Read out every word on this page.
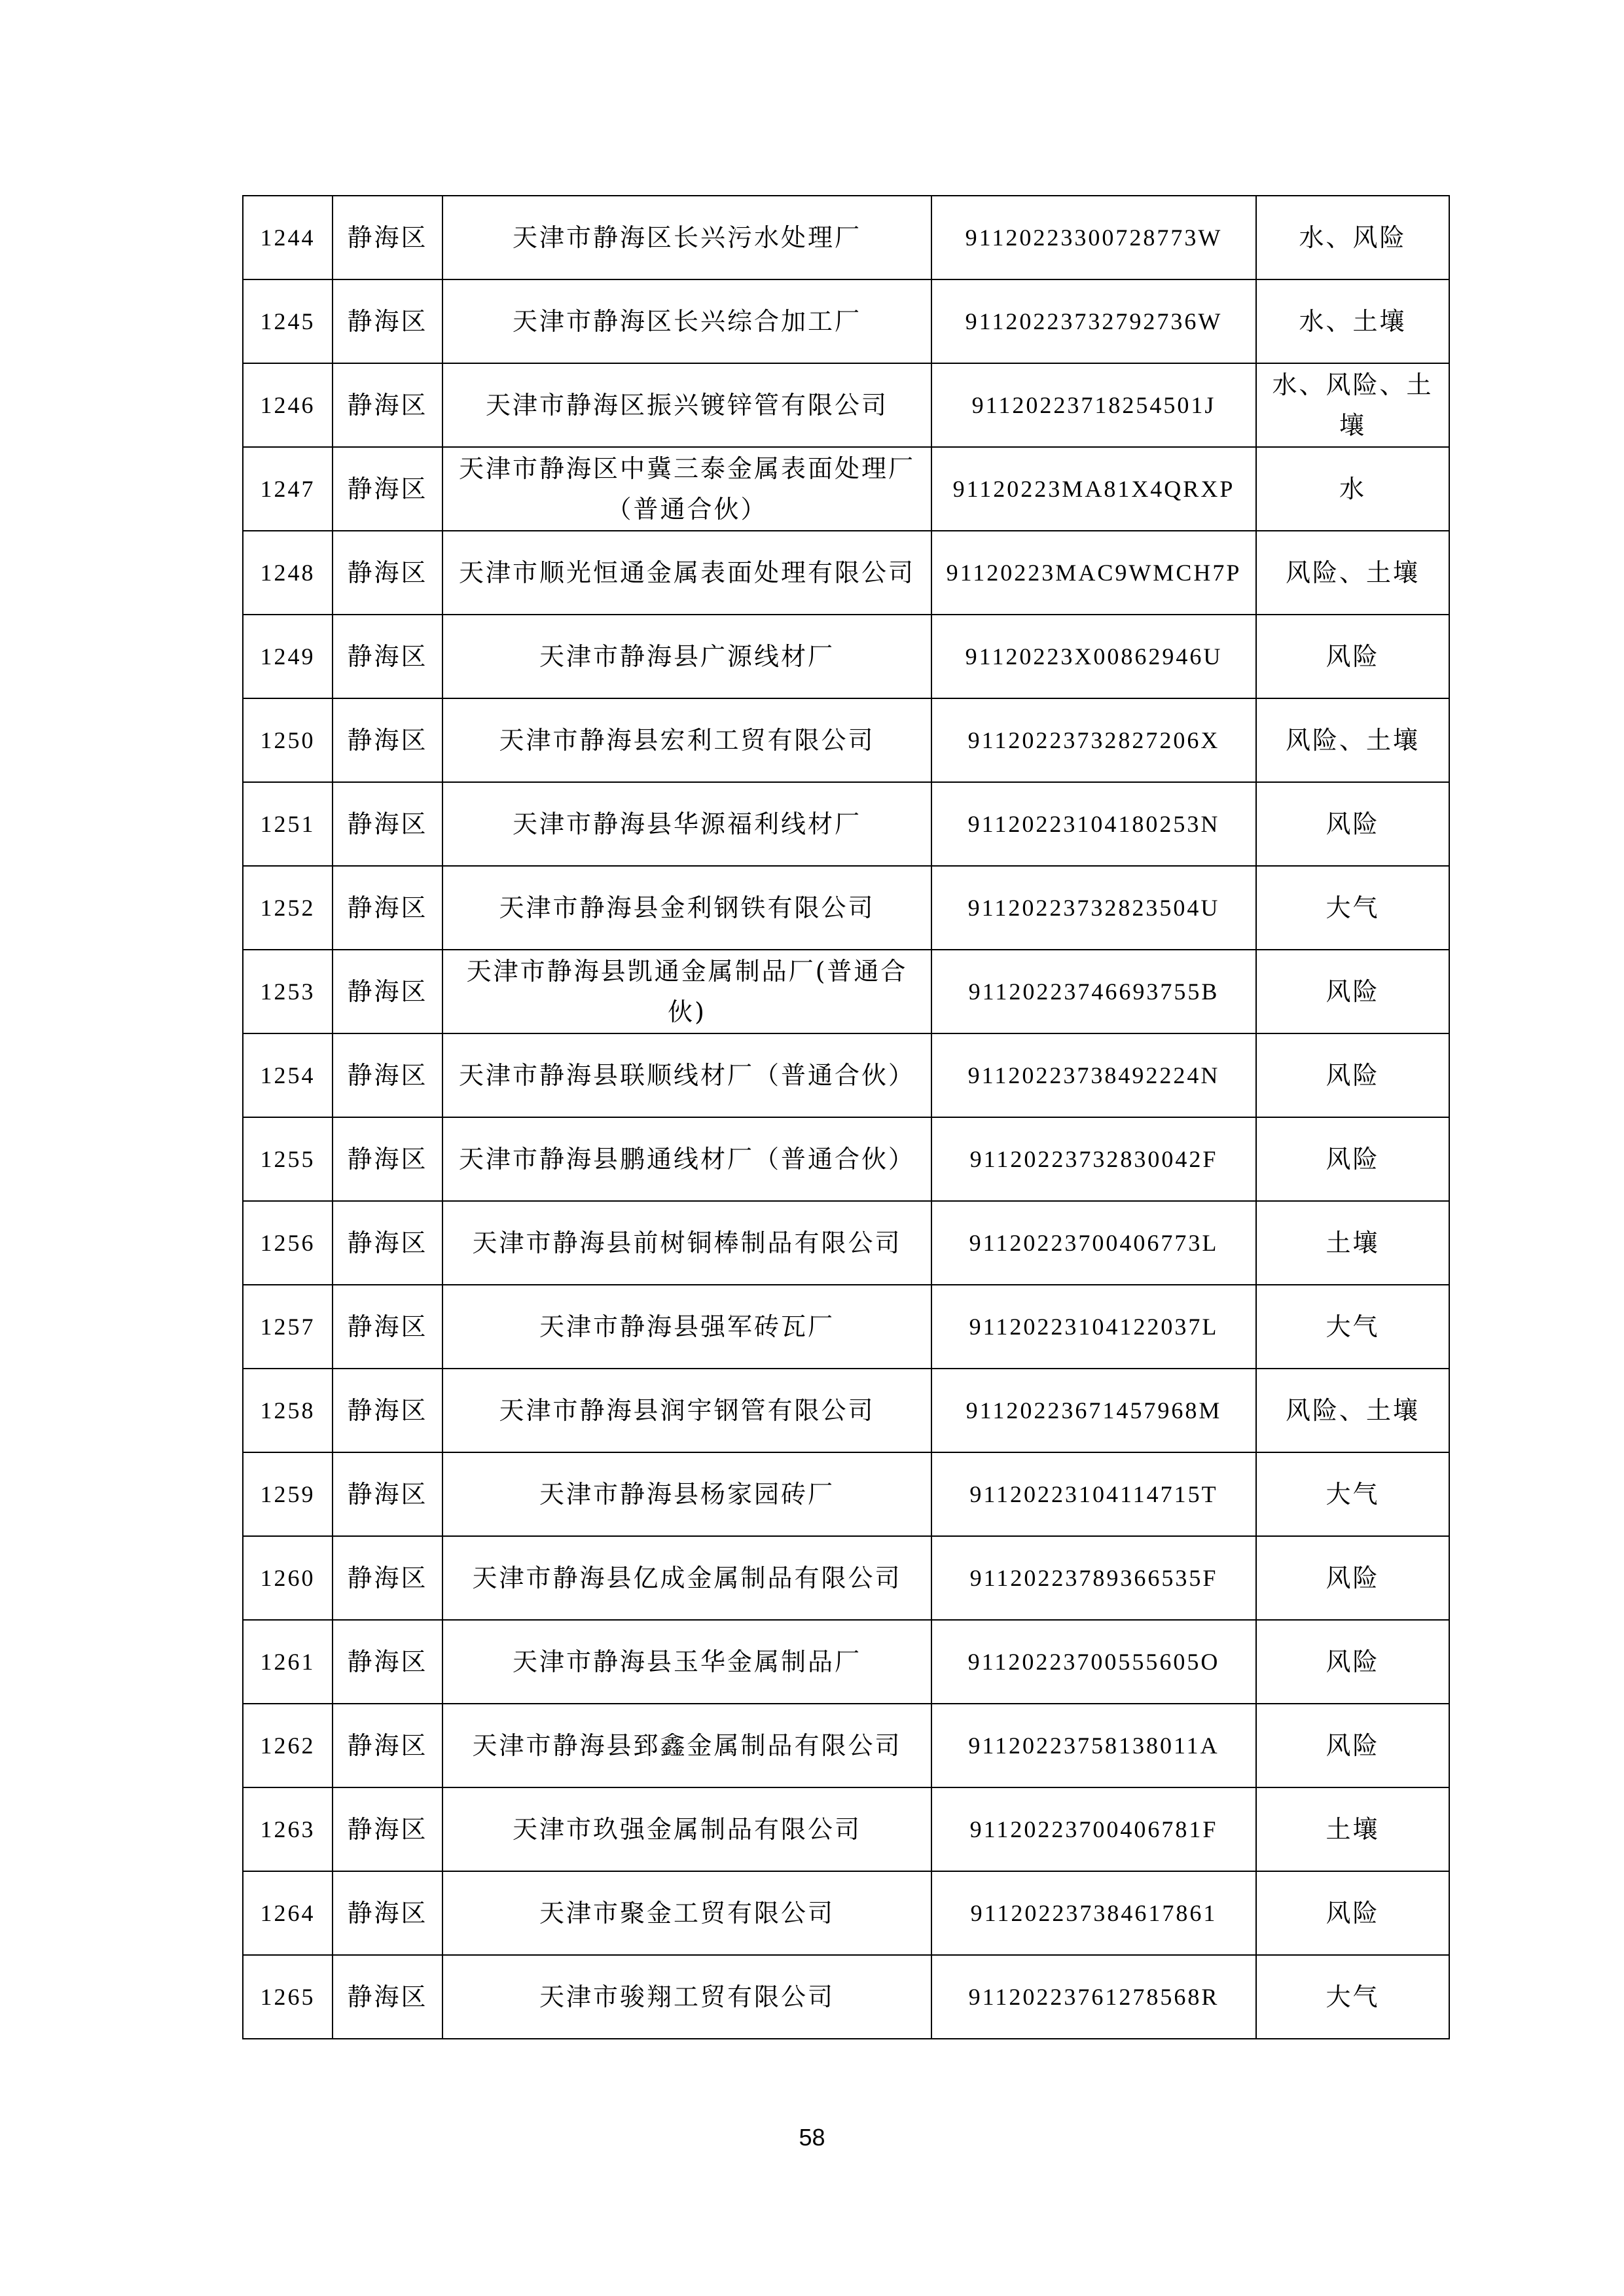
1244	静海区	天津市静海区长兴污水处理厂	91120223300728773W	水、风险
1245	静海区	天津市静海区长兴综合加工厂	91120223732792736W	水、土壤
1246	静海区	天津市静海区振兴镀锌管有限公司	91120223718254501J	水、风险、土壤
1247	静海区	天津市静海区中冀三泰金属表面处理厂（普通合伙）	91120223MA81X4QRXP	水
1248	静海区	天津市顺光恒通金属表面处理有限公司	91120223MAC9WMCH7P	风险、土壤
1249	静海区	天津市静海县广源线材厂	91120223X00862946U	风险
1250	静海区	天津市静海县宏利工贸有限公司	91120223732827206X	风险、土壤
1251	静海区	天津市静海县华源福利线材厂	91120223104180253N	风险
1252	静海区	天津市静海县金利钢铁有限公司	91120223732823504U	大气
1253	静海区	天津市静海县凯通金属制品厂(普通合伙)	91120223746693755B	风险
1254	静海区	天津市静海县联顺线材厂（普通合伙）	91120223738492224N	风险
1255	静海区	天津市静海县鹏通线材厂（普通合伙）	91120223732830042F	风险
1256	静海区	天津市静海县前树铜棒制品有限公司	91120223700406773L	土壤
1257	静海区	天津市静海县强军砖瓦厂	91120223104122037L	大气
1258	静海区	天津市静海县润宇钢管有限公司	91120223671457968M	风险、土壤
1259	静海区	天津市静海县杨家园砖厂	91120223104114715T	大气
1260	静海区	天津市静海县亿成金属制品有限公司	91120223789366535F	风险
1261	静海区	天津市静海县玉华金属制品厂	91120223700555605O	风险
1262	静海区	天津市静海县郅鑫金属制品有限公司	91120223758138011A	风险
1263	静海区	天津市玖强金属制品有限公司	91120223700406781F	土壤
1264	静海区	天津市聚金工贸有限公司	911202237384617861	风险
1265	静海区	天津市骏翔工贸有限公司	91120223761278568R	大气
58
